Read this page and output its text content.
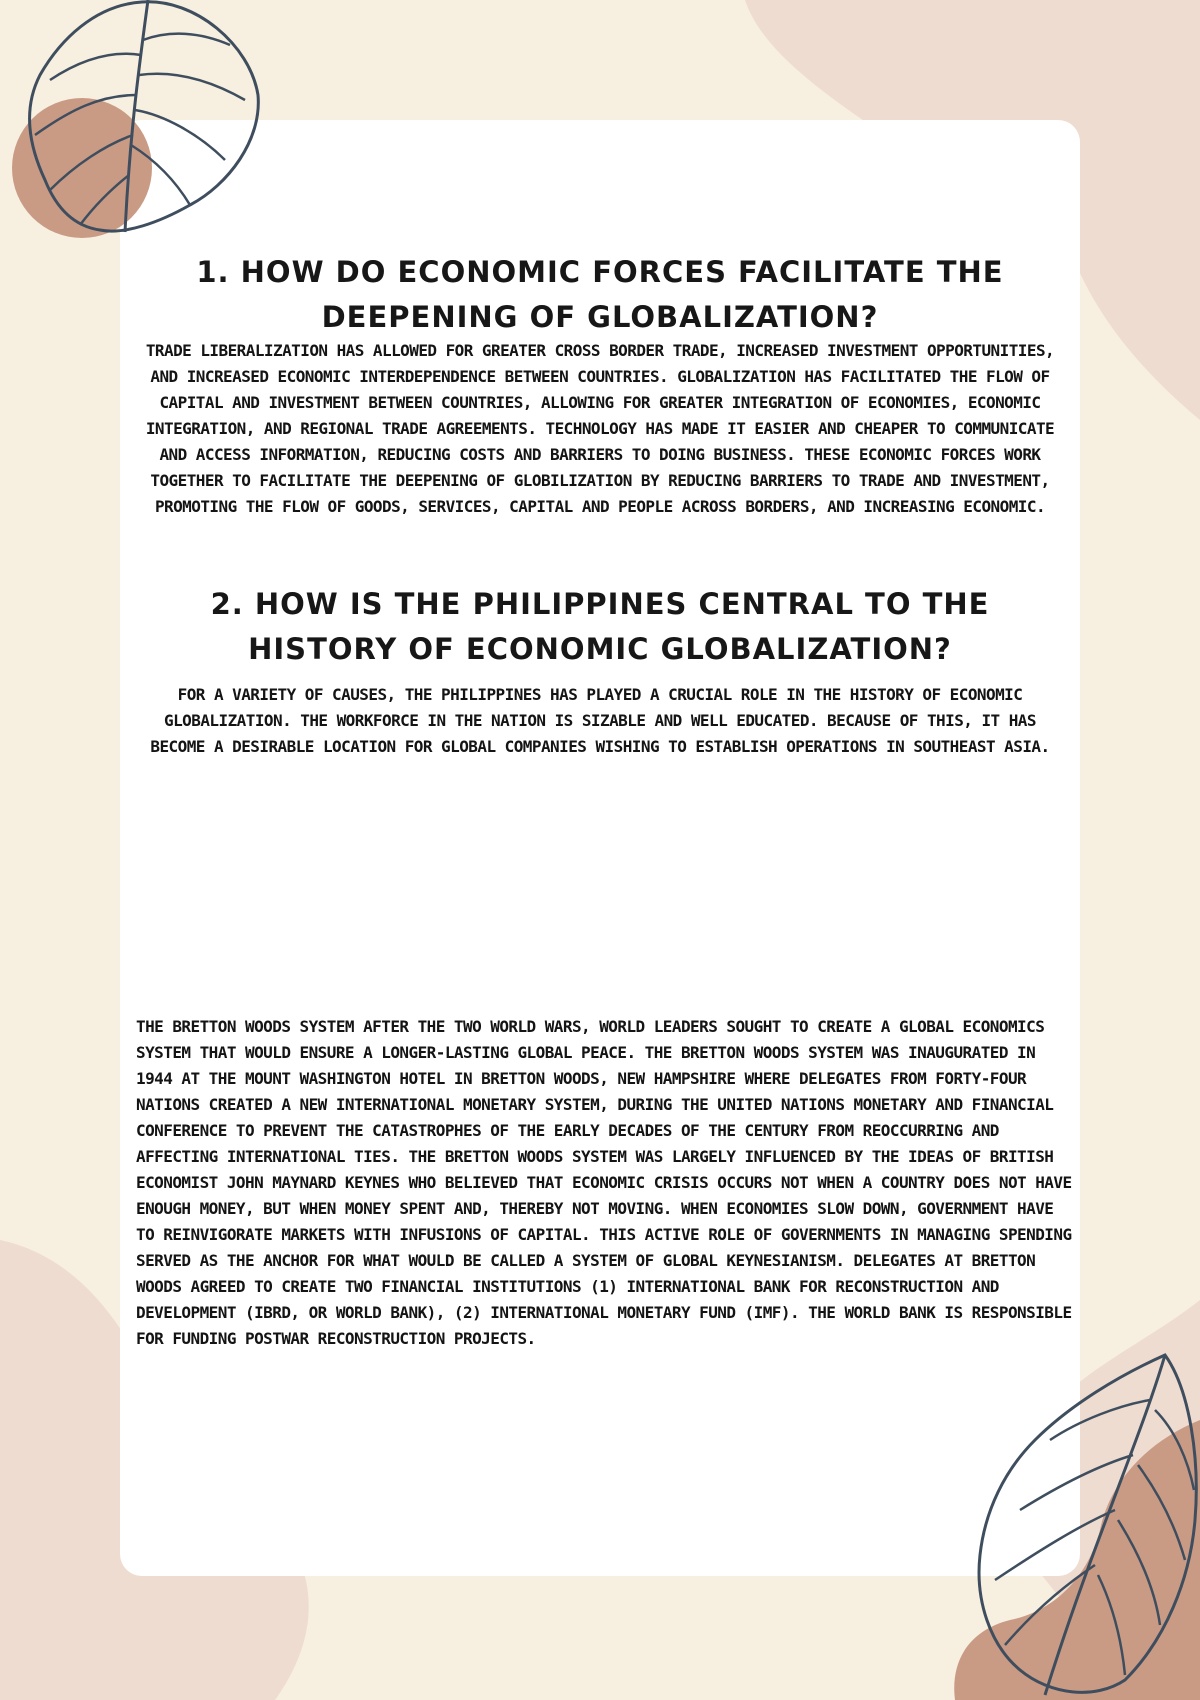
1. HOW DO ECONOMIC FORCES FACILITATE THE DEEPENING OF GLOBALIZATION?

TRADE LIBERALIZATION HAS ALLOWED FOR GREATER CROSS BORDER TRADE, INCREASED INVESTMENT OPPORTUNITIES, AND INCREASED ECONOMIC INTERDEPENDENCE BETWEEN COUNTRIES. GLOBALIZATION HAS FACILITATED THE FLOW OF CAPITAL AND INVESTMENT BETWEEN COUNTRIES, ALLOWING FOR GREATER INTEGRATION OF ECONOMIES, ECONOMIC INTEGRATION, AND REGIONAL TRADE AGREEMENTS. TECHNOLOGY HAS MADE IT EASIER AND CHEAPER TO COMMUNICATE AND ACCESS INFORMATION, REDUCING COSTS AND BARRIERS TO DOING BUSINESS. THESE ECONOMIC FORCES WORK TOGETHER TO FACILITATE THE DEEPENING OF GLOBILIZATION BY REDUCING BARRIERS TO TRADE AND INVESTMENT, PROMOTING THE FLOW OF GOODS, SERVICES, CAPITAL AND PEOPLE ACROSS BORDERS, AND INCREASING ECONOMIC.

2. HOW IS THE PHILIPPINES CENTRAL TO THE HISTORY OF ECONOMIC GLOBALIZATION?

FOR A VARIETY OF CAUSES, THE PHILIPPINES HAS PLAYED A CRUCIAL ROLE IN THE HISTORY OF ECONOMIC GLOBALIZATION. THE WORKFORCE IN THE NATION IS SIZABLE AND WELL EDUCATED. BECAUSE OF THIS, IT HAS BECOME A DESIRABLE LOCATION FOR GLOBAL COMPANIES WISHING TO ESTABLISH OPERATIONS IN SOUTHEAST ASIA.

THE BRETTON WOODS SYSTEM AFTER THE TWO WORLD WARS, WORLD LEADERS SOUGHT TO CREATE A GLOBAL ECONOMICS SYSTEM THAT WOULD ENSURE A LONGER-LASTING GLOBAL PEACE. THE BRETTON WOODS SYSTEM WAS INAUGURATED IN 1944 AT THE MOUNT WASHINGTON HOTEL IN BRETTON WOODS, NEW HAMPSHIRE WHERE DELEGATES FROM FORTY-FOUR NATIONS CREATED A NEW INTERNATIONAL MONETARY SYSTEM, DURING THE UNITED NATIONS MONETARY AND FINANCIAL CONFERENCE TO PREVENT THE CATASTROPHES OF THE EARLY DECADES OF THE CENTURY FROM REOCCURRING AND AFFECTING INTERNATIONAL TIES. THE BRETTON WOODS SYSTEM WAS LARGELY INFLUENCED BY THE IDEAS OF BRITISH ECONOMIST JOHN MAYNARD KEYNES WHO BELIEVED THAT ECONOMIC CRISIS OCCURS NOT WHEN A COUNTRY DOES NOT HAVE ENOUGH MONEY, BUT WHEN MONEY SPENT AND, THEREBY NOT MOVING. WHEN ECONOMIES SLOW DOWN, GOVERNMENT HAVE TO REINVIGORATE MARKETS WITH INFUSIONS OF CAPITAL. THIS ACTIVE ROLE OF GOVERNMENTS IN MANAGING SPENDING SERVED AS THE ANCHOR FOR WHAT WOULD BE CALLED A SYSTEM OF GLOBAL KEYNESIANISM. DELEGATES AT BRETTON WOODS AGREED TO CREATE TWO FINANCIAL INSTITUTIONS (1) INTERNATIONAL BANK FOR RECONSTRUCTION AND DEVELOPMENT (IBRD, OR WORLD BANK), (2) INTERNATIONAL MONETARY FUND (IMF). THE WORLD BANK IS RESPONSIBLE FOR FUNDING POSTWAR RECONSTRUCTION PROJECTS.
